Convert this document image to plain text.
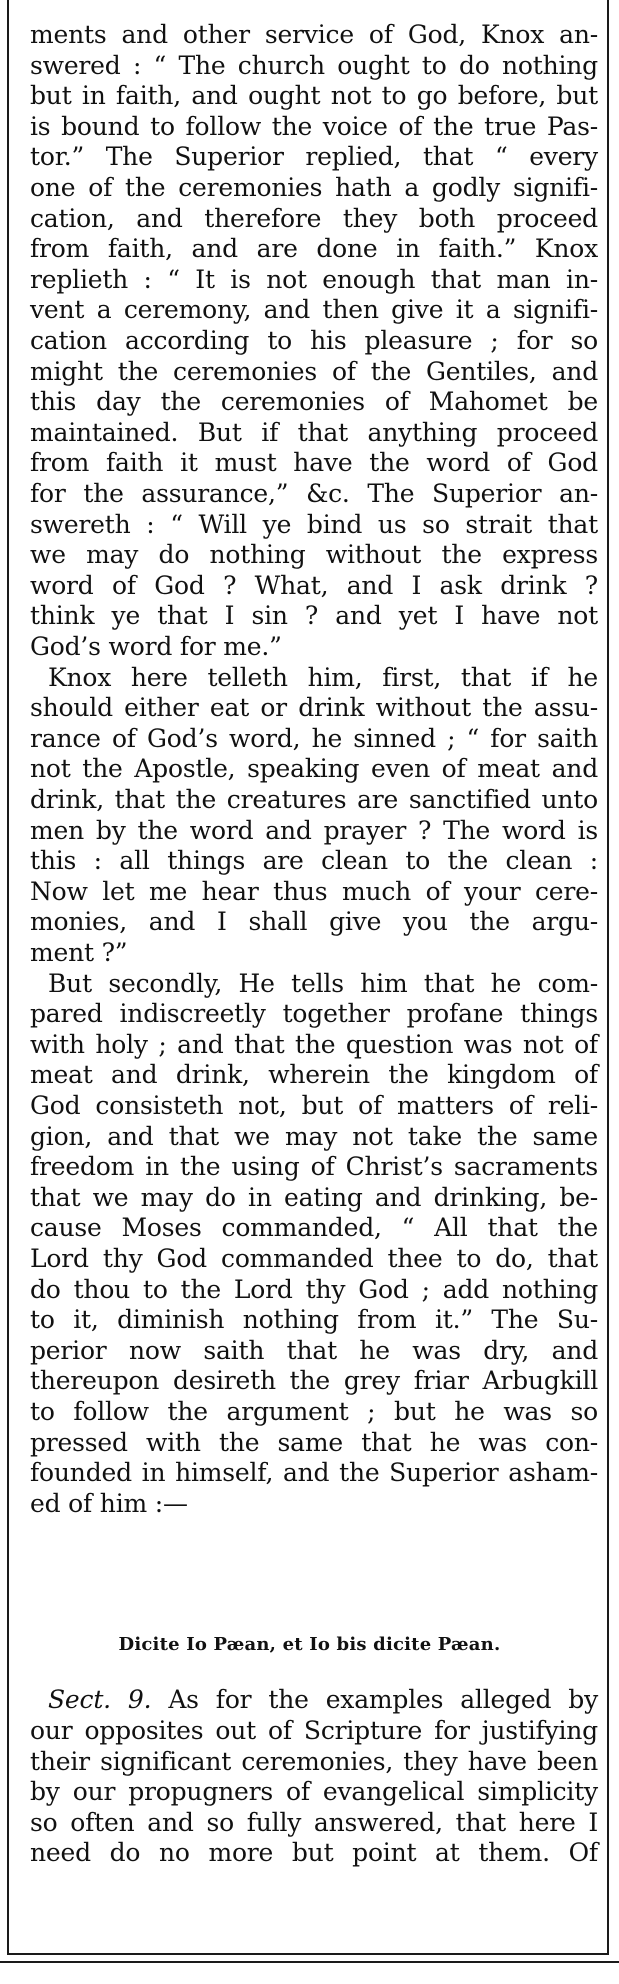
ments and other service of God, Knox an-
swered : “ The church ought to do nothing
but in faith, and ought not to go before, but
is bound to follow the voice of the true Pas-
tor.” The Superior replied, that “ every
one of the ceremonies hath a godly signifi-
cation, and therefore they both proceed
from faith, and are done in faith.” Knox
replieth : “ It is not enough that man in-
vent a ceremony, and then give it a signifi-
cation according to his pleasure ; for so
might the ceremonies of the Gentiles, and
this day the ceremonies of Mahomet be
maintained. But if that anything proceed
from faith it must have the word of God
for the assurance,” &c. The Superior an-
swereth : “ Will ye bind us so strait that
we may do nothing without the express
word of God ? What, and I ask drink ?
think ye that I sin ? and yet I have not
God’s word for me.”
Knox here telleth him, first, that if he
should either eat or drink without the assu-
rance of God’s word, he sinned ; “ for saith
not the Apostle, speaking even of meat and
drink, that the creatures are sanctified unto
men by the word and prayer ? The word is
this : all things are clean to the clean :
Now let me hear thus much of your cere-
monies, and I shall give you the argu-
ment ?”
But secondly, He tells him that he com-
pared indiscreetly together profane things
with holy ; and that the question was not of
meat and drink, wherein the kingdom of
God consisteth not, but of matters of reli-
gion, and that we may not take the same
freedom in the using of Christ’s sacraments
that we may do in eating and drinking, be-
cause Moses commanded, “ All that the
Lord thy God commanded thee to do, that
do thou to the Lord thy God ; add nothing
to it, diminish nothing from it.” The Su-
perior now saith that he was dry, and
thereupon desireth the grey friar Arbugkill
to follow the argument ; but he was so
pressed with the same that he was con-
founded in himself, and the Superior asham-
ed of him :—
our opposites out of Scripture for justifying
their significant ceremonies, they have been
by our propugners of evangelical simplicity
so often and so fully answered, that here I
need do no more but point at them. Of
Dicite Io Pæan, et Io bis dicite Pæan.
Sect. 9. As for the examples alleged by
